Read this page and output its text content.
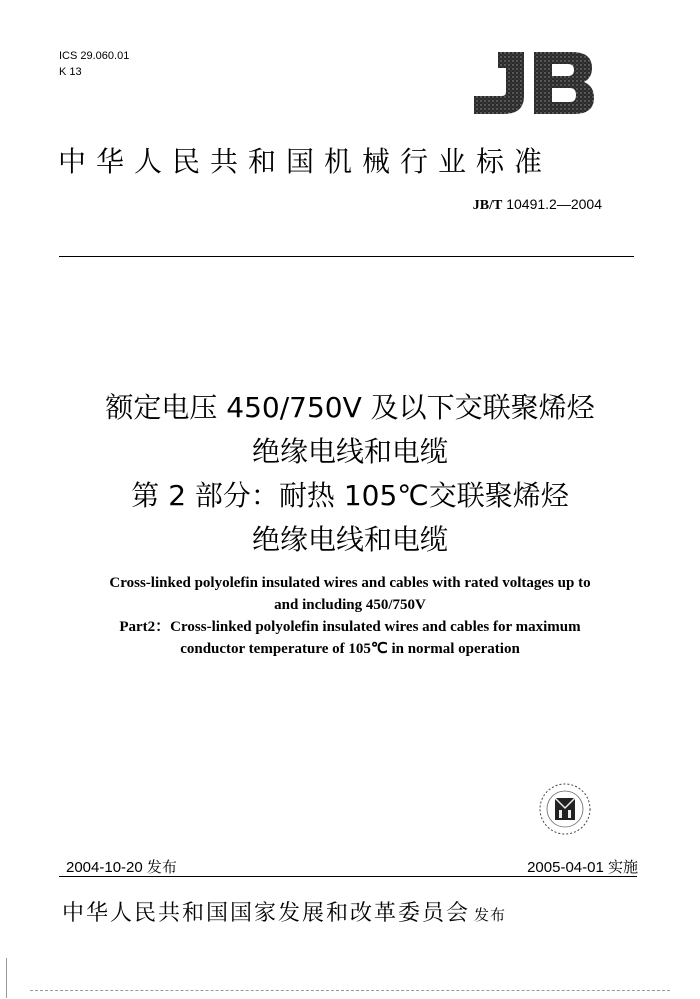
ICS 29.060.01
K 13
中华人民共和国机械行业标准
JB/T 10491.2—2004
额定电压 450/750V 及以下交联聚烯烃
绝缘电线和电缆
第 2 部分：耐热 105℃交联聚烯烃
绝缘电线和电缆
Cross-linked polyolefin insulated wires and cables with rated voltages up to
and including 450/750V
Part2：Cross-linked polyolefin insulated wires and cables for maximum
conductor temperature of 105℃ in normal operation
2004-10-20 发布	2005-04-01 实施
中华人民共和国国家发展和改革委员会 发布
